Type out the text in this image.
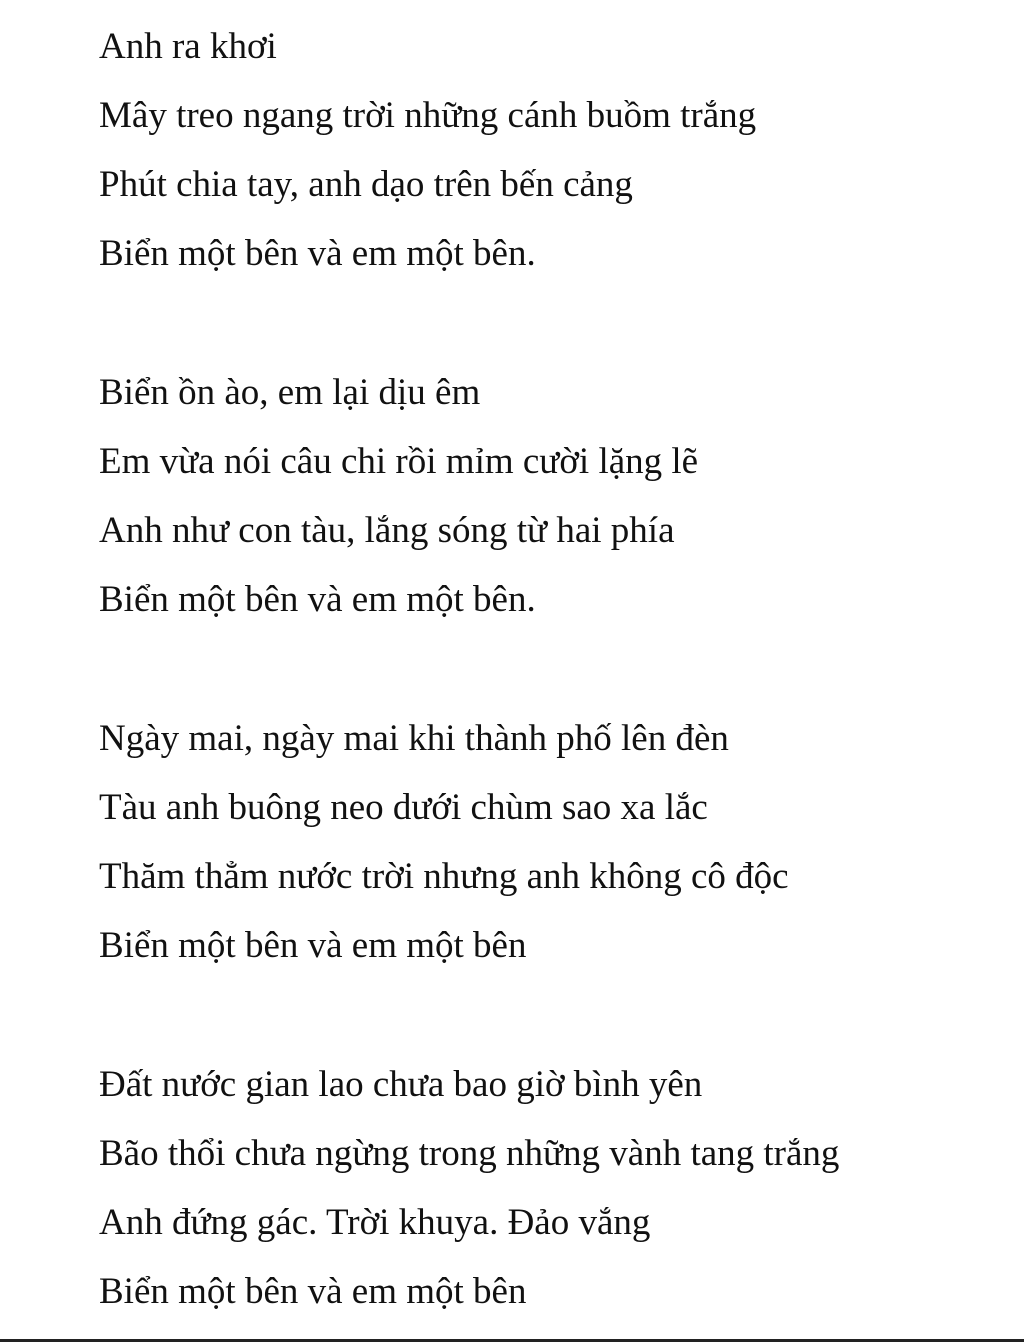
Anh ra khơi
Mây treo ngang trời những cánh buồm trắng
Phút chia tay, anh dạo trên bến cảng
Biển một bên và em một bên.
Biển ồn ào, em lại dịu êm
Em vừa nói câu chi rồi mỉm cười lặng lẽ
Anh như con tàu, lắng sóng từ hai phía
Biển một bên và em một bên.
Ngày mai, ngày mai khi thành phố lên đèn
Tàu anh buông neo dưới chùm sao xa lắc
Thăm thẳm nước trời nhưng anh không cô độc
Biển một bên và em một bên
Đất nước gian lao chưa bao giờ bình yên
Bão thổi chưa ngừng trong những vành tang trắng
Anh đứng gác. Trời khuya. Đảo vắng
Biển một bên và em một bên
